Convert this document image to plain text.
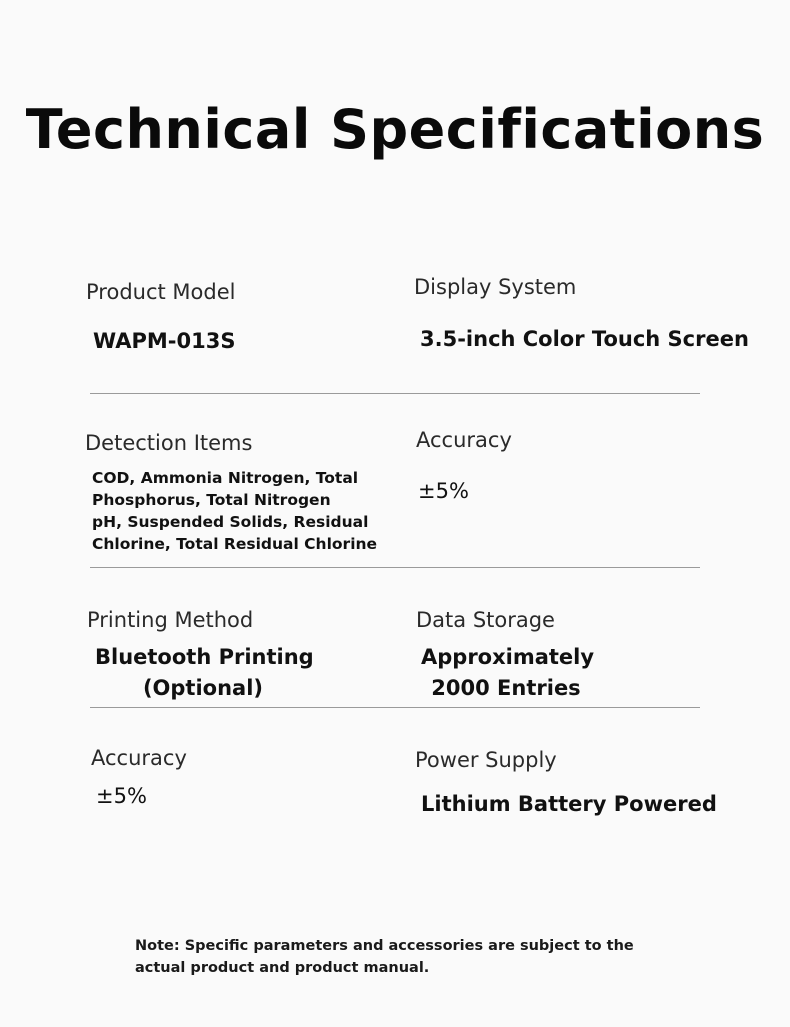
Technical Specifications
Product Model
WAPM-013S
Display System
3.5-inch Color Touch Screen
Detection Items
COD, Ammonia Nitrogen, Total
Phosphorus, Total Nitrogen
pH, Suspended Solids, Residual
Chlorine, Total Residual Chlorine
Accuracy
±5%
Printing Method
Bluetooth Printing
(Optional)
Data Storage
Approximately
2000 Entries
Accuracy
±5%
Power Supply
Lithium Battery Powered
Note: Specific parameters and accessories are subject to the
actual product and product manual.
